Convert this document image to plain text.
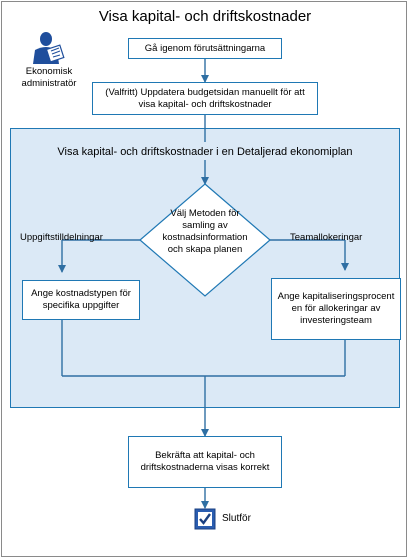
Visa kapital- och driftskostnader
Ekonomisk administratör
Visa kapital- och driftskostnader i en Detaljerad ekonomiplan
Gå igenom förutsättningarna
(Valfritt) Uppdatera budgetsidan manuellt för att visa kapital- och driftskostnader
Välj Metoden för samling av kostnadsinformation och skapa planen
Uppgiftstilldelningar	Teamallokeringar
Ange kostnadstypen för specifika uppgifter
Ange kapitaliseringsprocent en för allokeringar av investeringsteam
Bekräfta att kapital- och driftskostnaderna visas korrekt
Slutför
